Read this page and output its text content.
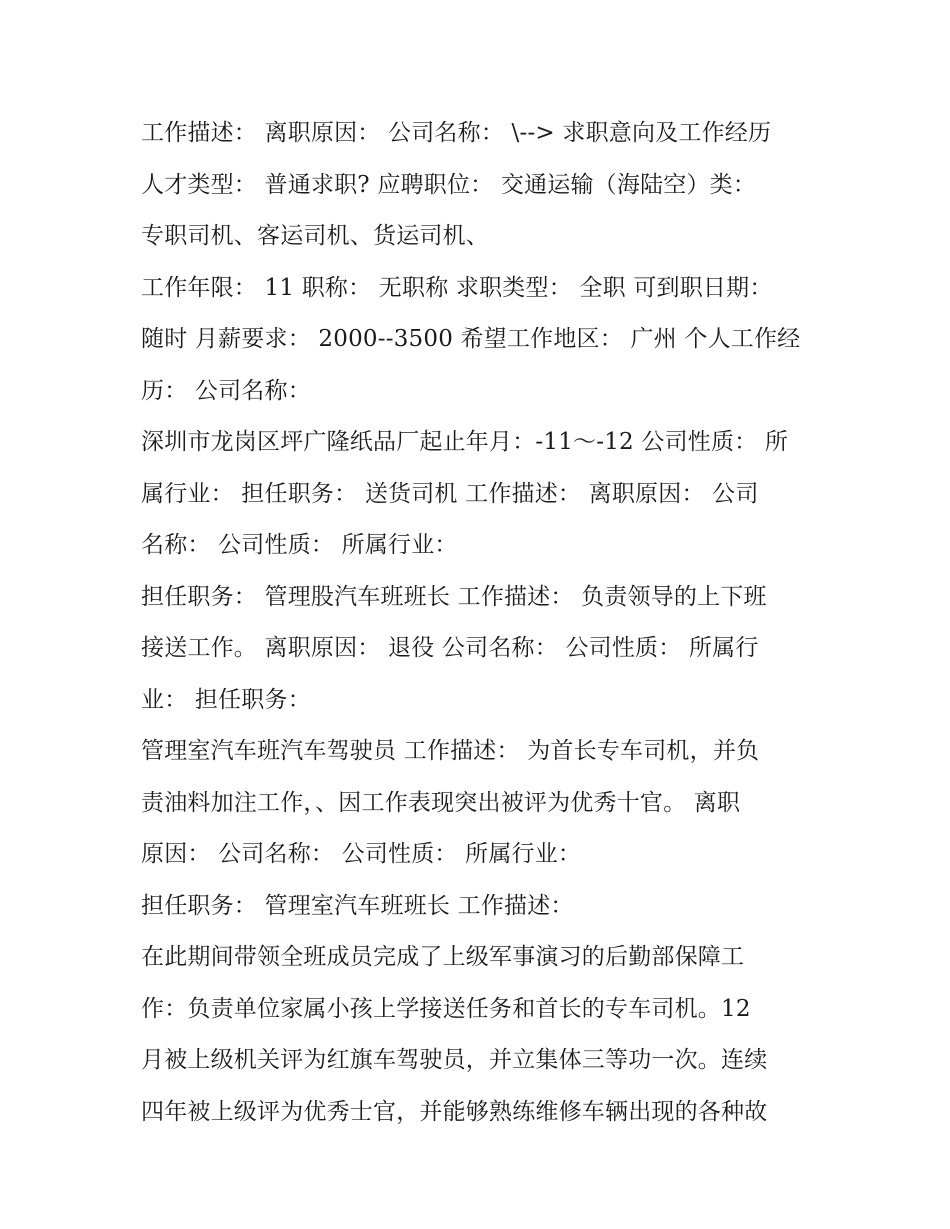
工作描述： 离职原因： 公司名称： \--> 求职意向及工作经历
人才类型： 普通求职? 应聘职位： 交通运输（海陆空）类：
专职司机、客运司机、货运司机、
工作年限： 11 职称： 无职称 求职类型： 全职 可到职日期：
随时 月薪要求： 2000--3500 希望工作地区： 广州 个人工作经
历： 公司名称：
深圳市龙岗区坪广隆纸品厂起止年月：-11～-12 公司性质： 所
属行业： 担任职务： 送货司机 工作描述： 离职原因： 公司
名称： 公司性质： 所属行业：
担任职务： 管理股汽车班班长 工作描述： 负责领导的上下班
接送工作。 离职原因： 退役 公司名称： 公司性质： 所属行
业： 担任职务：
管理室汽车班汽车驾驶员 工作描述： 为首长专车司机，并负
责油料加注工作，、因工作表现突出被评为优秀十官。 离职
原因： 公司名称： 公司性质： 所属行业：
担任职务： 管理室汽车班班长 工作描述：
在此期间带领全班成员完成了上级军事演习的后勤部保障工
作：负责单位家属小孩上学接送任务和首长的专车司机。12
月被上级机关评为红旗车驾驶员，并立集体三等功一次。连续
四年被上级评为优秀士官，并能够熟练维修车辆出现的各种故
